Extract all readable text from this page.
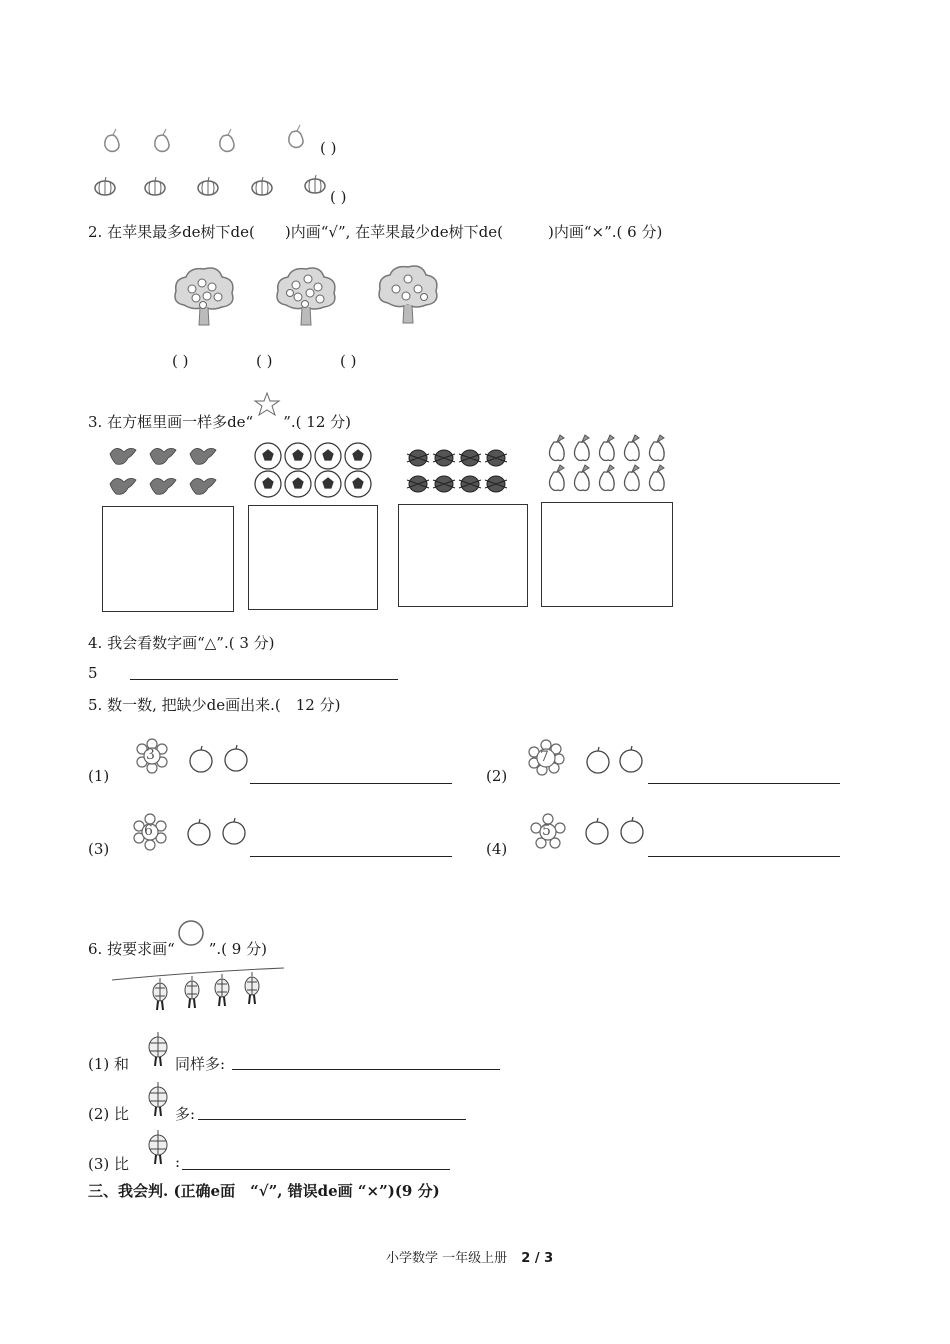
( )
( )
2. 在苹果最多de树下de(　　)内画“√”, 在苹果最少de树下de(　　　)内画“×”.( 6 分)
( )	( )	( )
3. 在方框里画一样多de“ ”.( 12 分)
4. 我会看数字画“△”.( 3 分)
5
5. 数一数, 把缺少de画出来.(　12 分)
(1)
3
(2)
7
(3)
6
(4)
5
6. 按要求画“ ”.( 9 分)
(1) 和	同样多:
(2) 比	多:
(3) 比	:
三、我会判. (正确e面　“√”, 错误de画 “×”)(9 分)
小学数学 一年级上册 2 / 3
